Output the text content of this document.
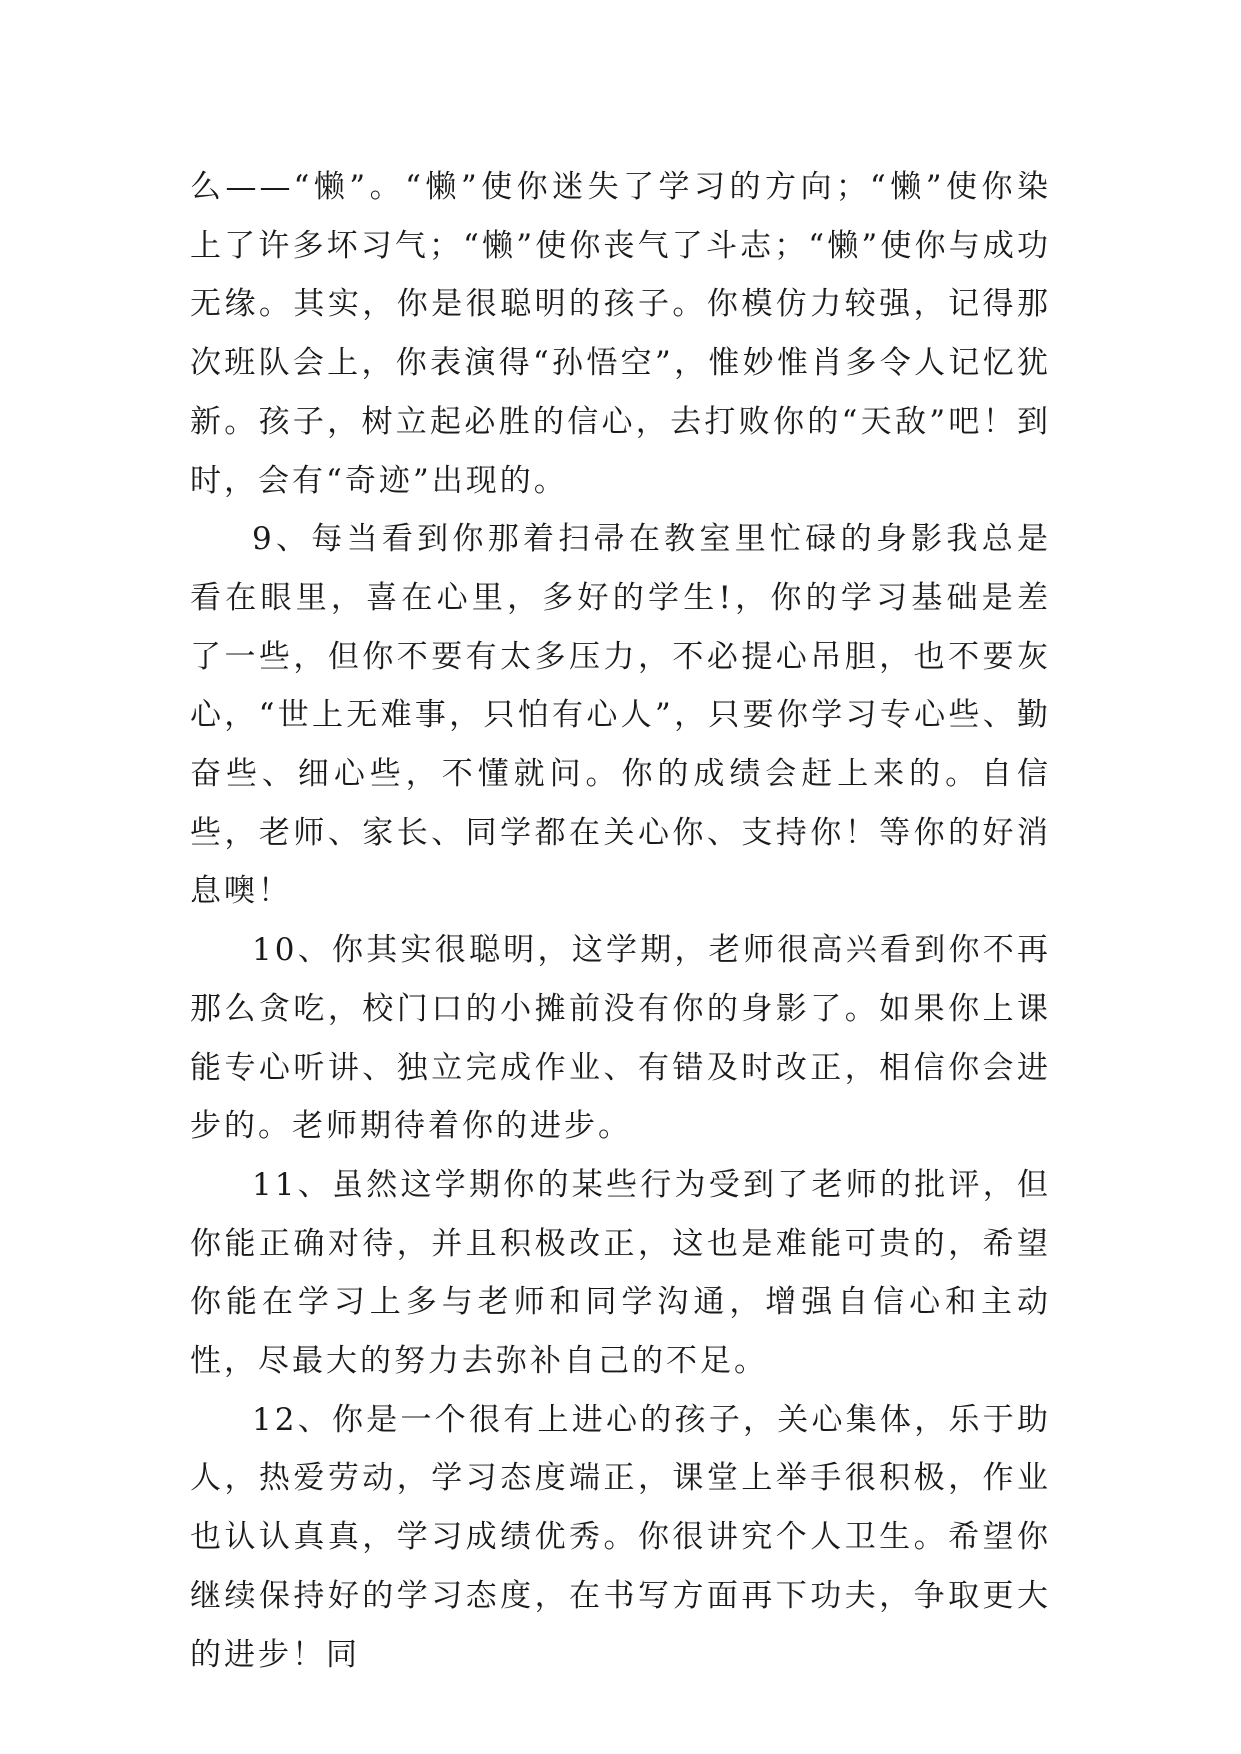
么——“懒”。“懒”使你迷失了学习的方向；“懒”使你染上了许多坏习气；“懒”使你丧气了斗志；“懒”使你与成功无缘。其实，你是很聪明的孩子。你模仿力较强，记得那次班队会上，你表演得“孙悟空”，惟妙惟肖多令人记忆犹新。孩子，树立起必胜的信心，去打败你的“天敌”吧！到时，会有“奇迹”出现的。

9、每当看到你那着扫帚在教室里忙碌的身影我总是看在眼里，喜在心里，多好的学生!，你的学习基础是差了一些，但你不要有太多压力，不必提心吊胆，也不要灰心，“世上无难事，只怕有心人”，只要你学习专心些、勤奋些、细心些，不懂就问。你的成绩会赶上来的。自信些，老师、家长、同学都在关心你、支持你！等你的好消息噢！

10、你其实很聪明，这学期，老师很高兴看到你不再那么贪吃，校门口的小摊前没有你的身影了。如果你上课能专心听讲、独立完成作业、有错及时改正，相信你会进步的。老师期待着你的进步。

11、虽然这学期你的某些行为受到了老师的批评，但你能正确对待，并且积极改正，这也是难能可贵的，希望你能在学习上多与老师和同学沟通，增强自信心和主动性，尽最大的努力去弥补自己的不足。

12、你是一个很有上进心的孩子，关心集体，乐于助人，热爱劳动，学习态度端正，课堂上举手很积极，作业也认认真真，学习成绩优秀。你很讲究个人卫生。希望你继续保持好的学习态度，在书写方面再下功夫，争取更大的进步！同
